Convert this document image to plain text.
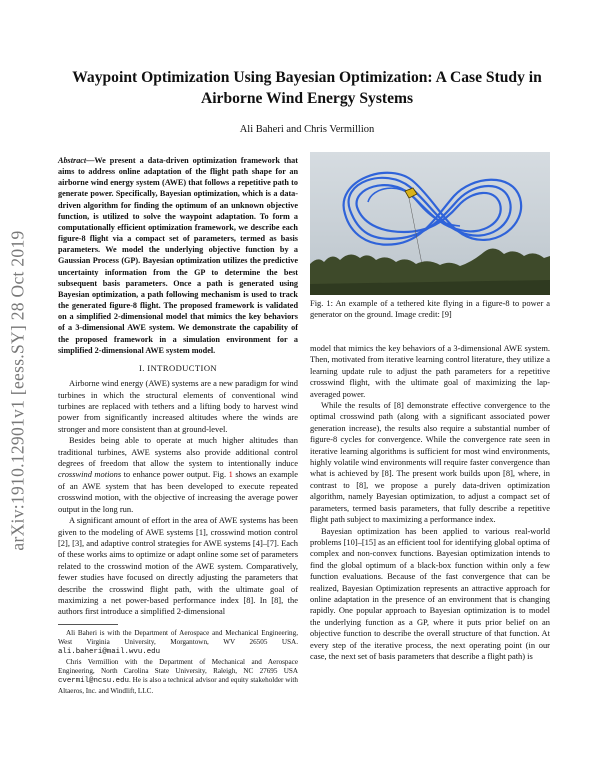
arXiv:1910.12901v1 [eess.SY] 28 Oct 2019
Waypoint Optimization Using Bayesian Optimization: A Case Study in Airborne Wind Energy Systems
Ali Baheri and Chris Vermillion
Abstract—We present a data-driven optimization framework that aims to address online adaptation of the flight path shape for an airborne wind energy system (AWE) that follows a repetitive path to generate power. Specifically, Bayesian optimization, which is a data-driven algorithm for finding the optimum of an unknown objective function, is utilized to solve the waypoint adaptation. To form a computationally efficient optimization framework, we describe each figure-8 flight via a compact set of parameters, termed as basis parameters. We model the underlying objective function by a Gaussian Process (GP). Bayesian optimization utilizes the predictive uncertainty information from the GP to determine the best subsequent basis parameters. Once a path is generated using Bayesian optimization, a path following mechanism is used to track the generated figure-8 flight. The proposed framework is validated on a simplified 2-dimensional model that mimics the key behaviors of a 3-dimensional AWE system. We demonstrate the capability of the proposed framework in a simulation environment for a simplified 2-dimensional AWE system model.
I. INTRODUCTION

Airborne wind energy (AWE) systems are a new paradigm for wind turbines in which the structural elements of conventional wind turbines are replaced with tethers and a lifting body to harvest wind power from significantly increased altitudes where the winds are stronger and more consistent than at ground-level.

Besides being able to operate at much higher altitudes than traditional turbines, AWE systems also provide additional control degrees of freedom that allow the system to intentionally induce crosswind motions to enhance power output. Fig. 1 shows an example of an AWE system that has been developed to execute repeated crosswind motion, with the objective of increasing the average power output in the long run.

A significant amount of effort in the area of AWE systems has been given to the modeling of AWE systems [1], crosswind motion control [2], [3], and adaptive control strategies for AWE systems [4]–[7]. Each of these works aims to optimize or adapt online some set of parameters related to the crosswind motion of the AWE system. Comparatively, fewer studies have focused on directly adjusting the parameters that describe the crosswind flight path, with the ultimate goal of maximizing a net power-based performance index [8]. In [8], the authors first introduce a simplified 2-dimensional

Ali Baheri is with the Department of Aerospace and Mechanical Engineering, West Virginia University, Morgantown, WV 26505 USA. ali.baheri@mail.wvu.edu

Chris Vermillion with the Department of Mechanical and Aerospace Engineering, North Carolina State University, Raleigh, NC 27695 USA cvermil@ncsu.edu. He is also a technical advisor and equity stakeholder with Altaeros, Inc. and Windlift, LLC.

Fig. 1: An example of a tethered kite flying in a figure-8 to power a generator on the ground. Image credit: [9]

model that mimics the key behaviors of a 3-dimensional AWE system. Then, motivated from iterative learning control literature, they utilize a learning update rule to adjust the path parameters for a repetitive crosswind flight, with the ultimate goal of maximizing the lap-averaged power.

While the results of [8] demonstrate effective convergence to the optimal crosswind path (along with a significant associated power generation increase), the results also require a substantial number of figure-8 cycles for convergence. While the convergence rate seen in iterative learning algorithms is sufficient for most wind environments, highly volatile wind environments will require faster convergence than what is achieved by [8]. The present work builds upon [8], where, in contrast to [8], we propose a purely data-driven optimization algorithm, namely Bayesian optimization, to adjust a compact set of parameters, termed basis parameters, that fully describe a repetitive flight path subject to maximizing a performance index.

Bayesian optimization has been applied to various real-world problems [10]–[15] as an efficient tool for identifying global optima of complex and non-convex functions. Bayesian optimization intends to find the global optimum of a black-box function within only a few function evaluations. Because of the fast convergence that can be realized, Bayesian Optimization represents an attractive approach for online adaptation in the presence of an environment that is changing rapidly. One popular approach to Bayesian optimization is to model the underlying function as a GP, where it puts prior belief on an objective function to describe the overall structure of that function. At every step of the iterative process, the next operating point (in our case, the next set of basis parameters that describe a flight path) is
